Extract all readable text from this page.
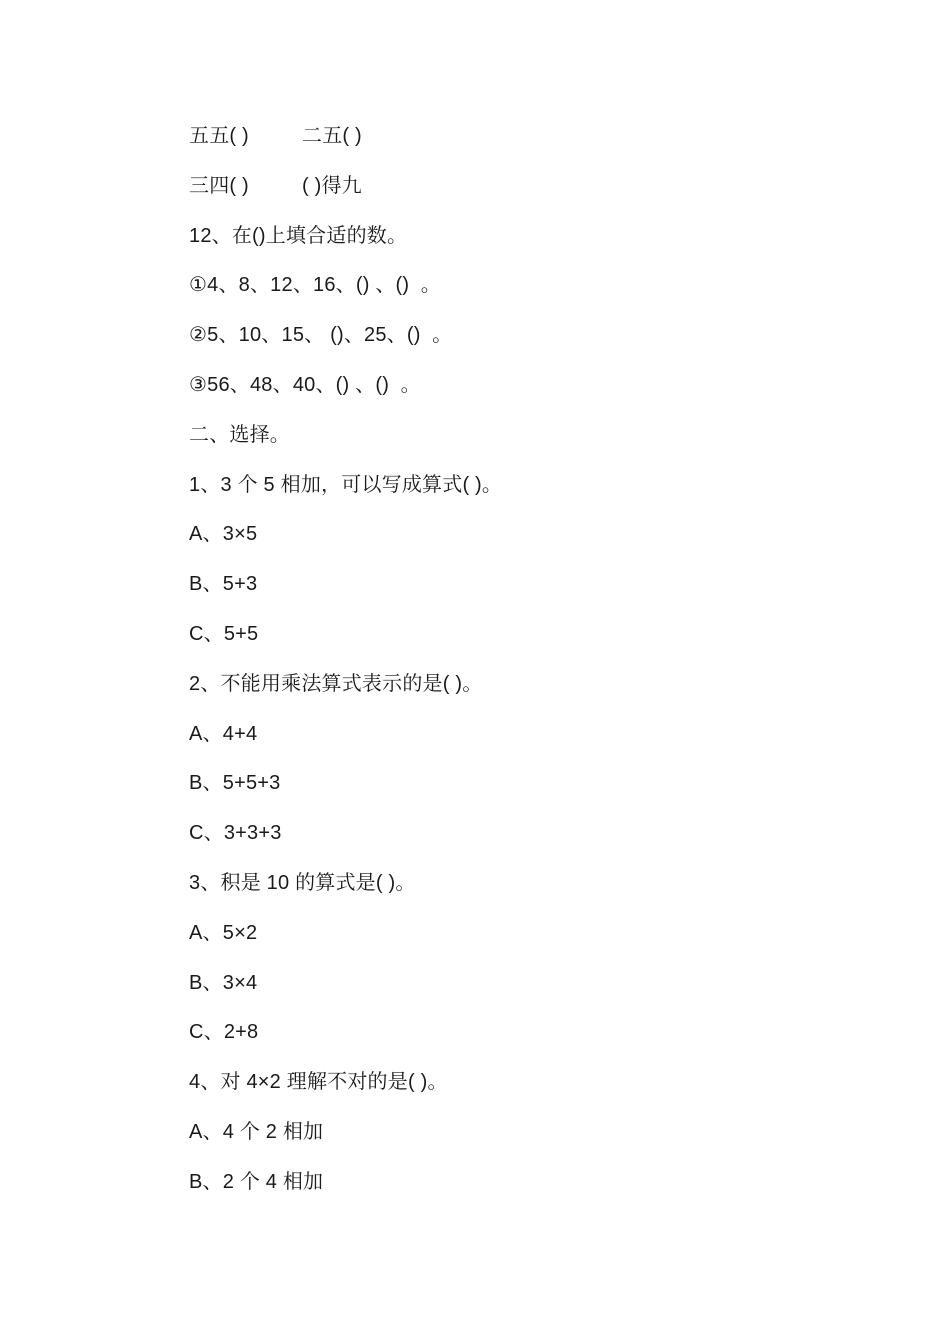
五五( )	二五( )
三四( )	( )得九
12、在()上填合适的数。
①4、8、12、16、() 、()  。
②5、10、15、 ()、25、()  。
③56、48、40、() 、()  。
二、选择。
1、3 个 5 相加，可以写成算式( )。
A、3×5
B、5+3
C、5+5
2、不能用乘法算式表示的是( )。
A、4+4
B、5+5+3
C、3+3+3
3、积是 10 的算式是( )。
A、5×2
B、3×4
C、2+8
4、对 4×2 理解不对的是( )。
A、4 个 2 相加
B、2 个 4 相加
